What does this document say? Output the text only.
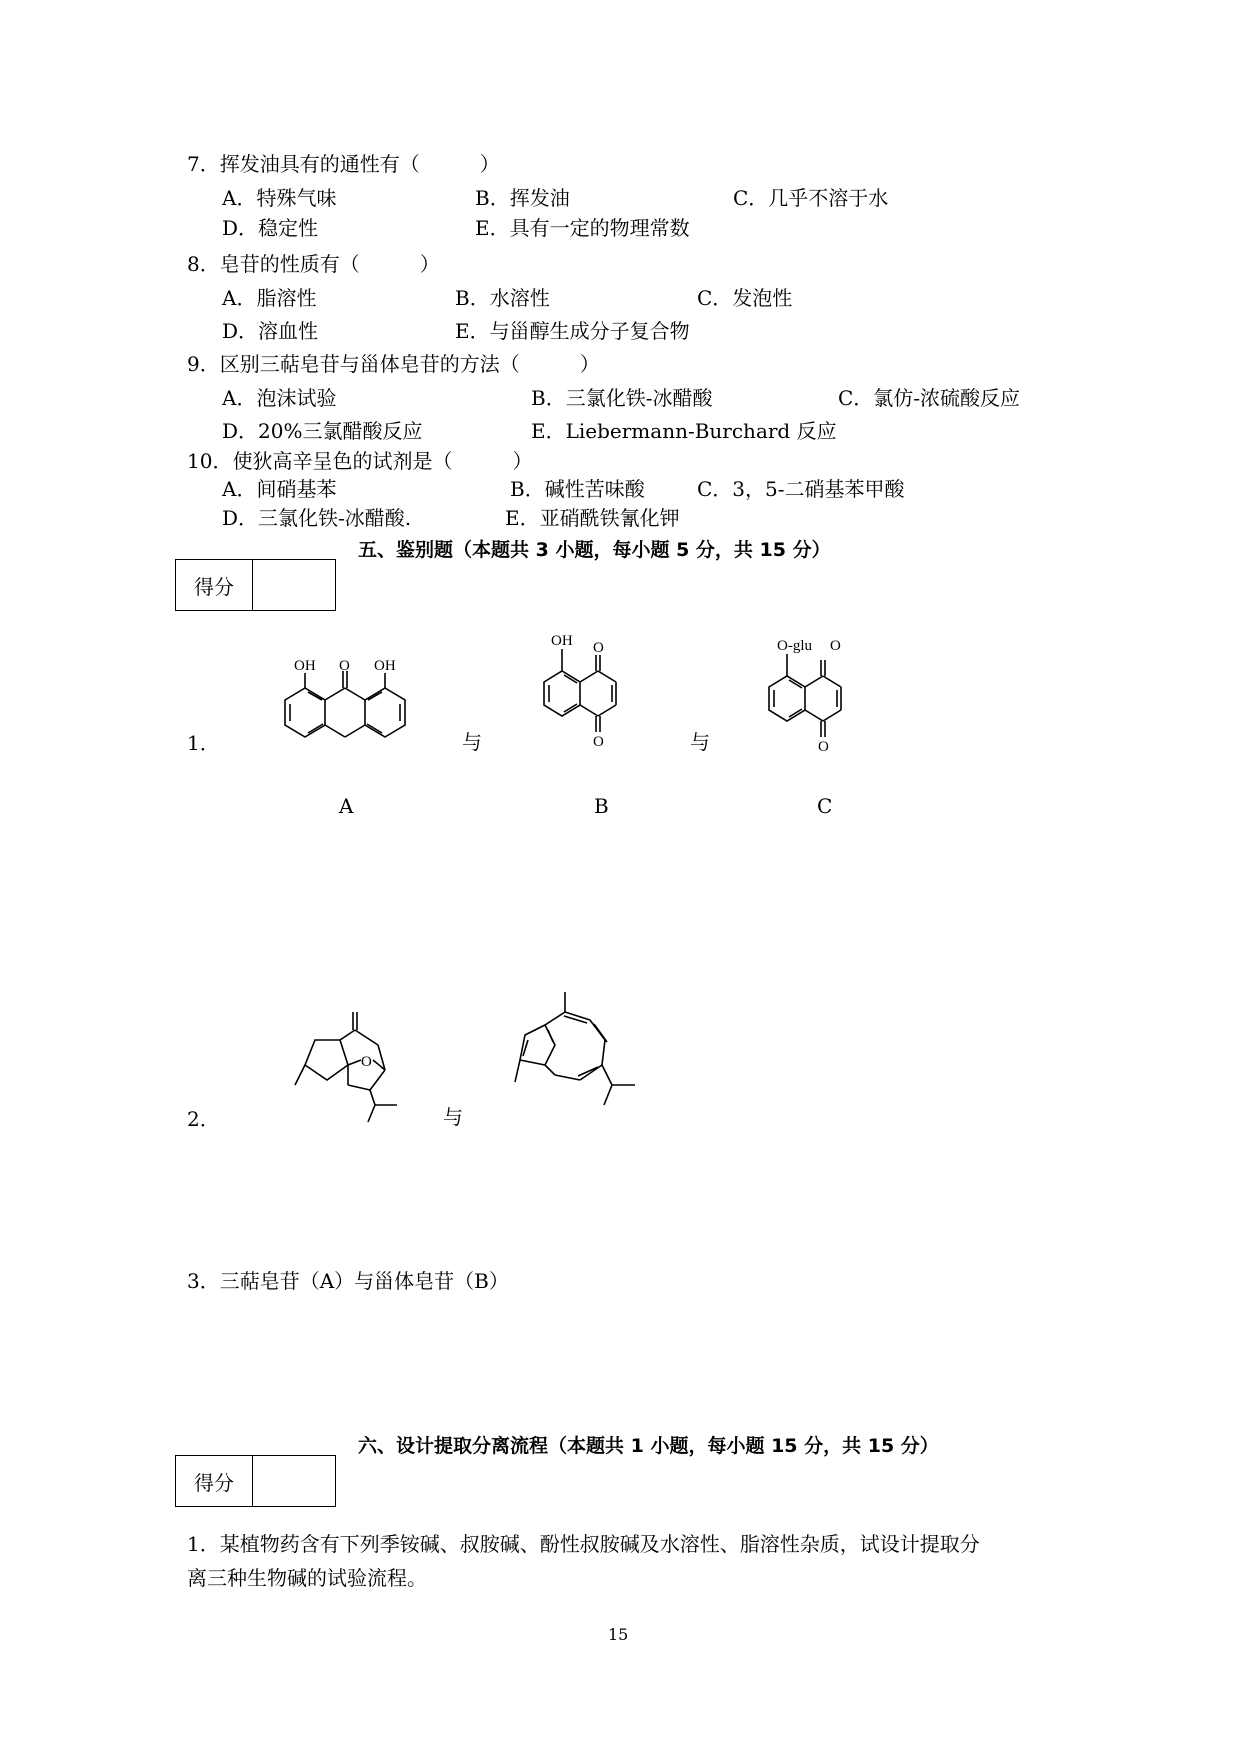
7．挥发油具有的通性有（　　　）
A．特殊气味	B．挥发油	C．几乎不溶于水
D．稳定性	E．具有一定的物理常数
8．皂苷的性质有（　　　）
A．脂溶性	B．水溶性	C．发泡性
D．溶血性	E．与甾醇生成分子复合物
9．区别三萜皂苷与甾体皂苷的方法（　　　）
A．泡沫试验	B．三氯化铁-冰醋酸	C．氯仿-浓硫酸反应
D．20%三氯醋酸反应	E．Liebermann-Burchard 反应
10．使狄高辛呈色的试剂是（　　　）
A．间硝基苯	B．碱性苦味酸	C．3，5-二硝基苯甲酸
D．三氯化铁-冰醋酸.	E．亚硝酰铁氰化钾
五、鉴别题（本题共 3 小题，每小题 5 分，共 15 分）
得分
1．	与	与
A	B	C
OH O OH
OH O
O
O-glu O
O
2．	与
O
3．三萜皂苷（A）与甾体皂苷（B）
六、设计提取分离流程（本题共 1 小题，每小题 15 分，共 15 分）
得分
1．某植物药含有下列季铵碱、叔胺碱、酚性叔胺碱及水溶性、脂溶性杂质，试设计提取分
离三种生物碱的试验流程。
15
